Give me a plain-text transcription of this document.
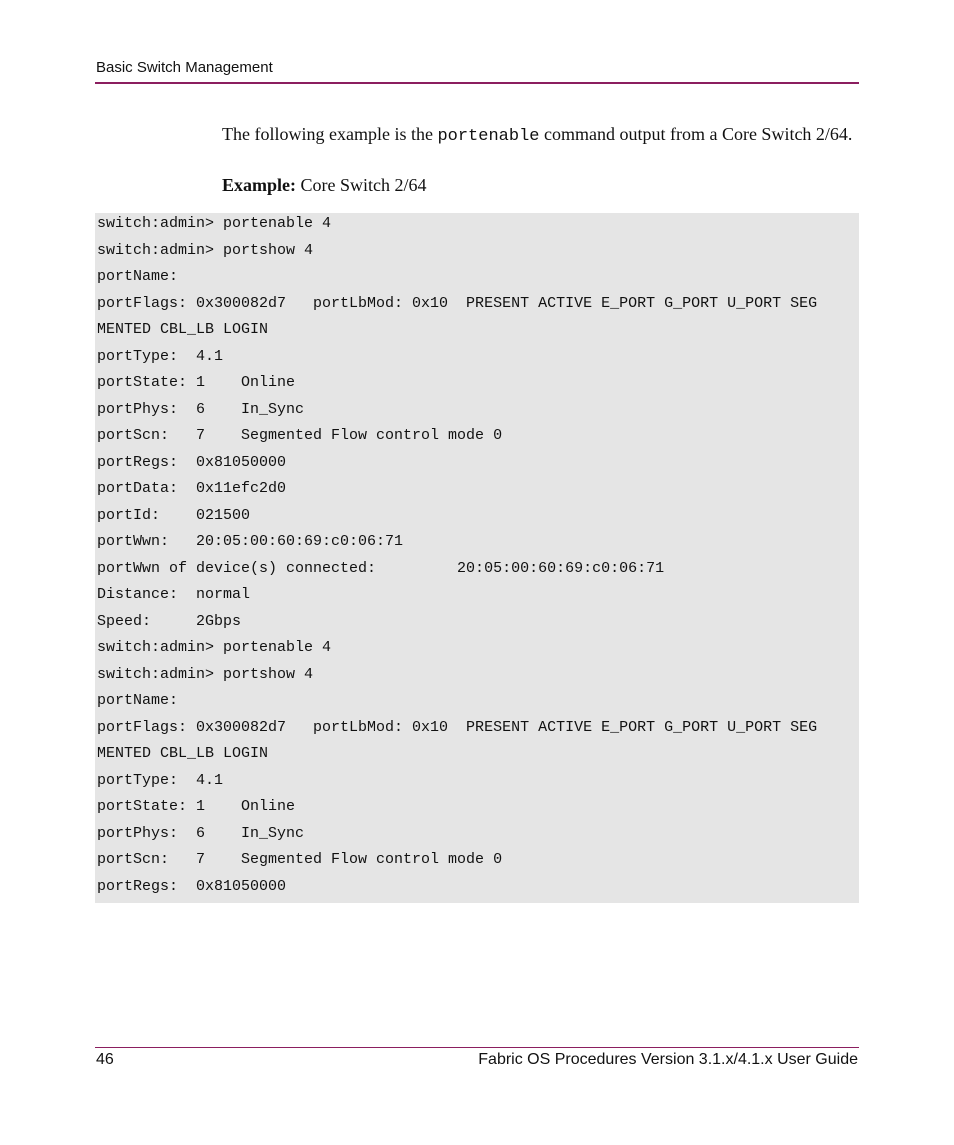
Basic Switch Management

The following example is the portenable command output from a Core Switch 2/64.

Example: Core Switch 2/64
switch:admin> portenable 4
switch:admin> portshow 4
portName:
portFlags: 0x300082d7   portLbMod: 0x10  PRESENT ACTIVE E_PORT G_PORT U_PORT SEG
MENTED CBL_LB LOGIN
portType:  4.1
portState: 1    Online
portPhys:  6    In_Sync
portScn:   7    Segmented Flow control mode 0
portRegs:  0x81050000
portData:  0x11efc2d0
portId:    021500
portWwn:   20:05:00:60:69:c0:06:71
portWwn of device(s) connected:         20:05:00:60:69:c0:06:71
Distance:  normal
Speed:     2Gbps
switch:admin> portenable 4
switch:admin> portshow 4
portName:
portFlags: 0x300082d7   portLbMod: 0x10  PRESENT ACTIVE E_PORT G_PORT U_PORT SEG
MENTED CBL_LB LOGIN
portType:  4.1
portState: 1    Online
portPhys:  6    In_Sync
portScn:   7    Segmented Flow control mode 0
portRegs:  0x81050000
46	Fabric OS Procedures Version 3.1.x/4.1.x User Guide
